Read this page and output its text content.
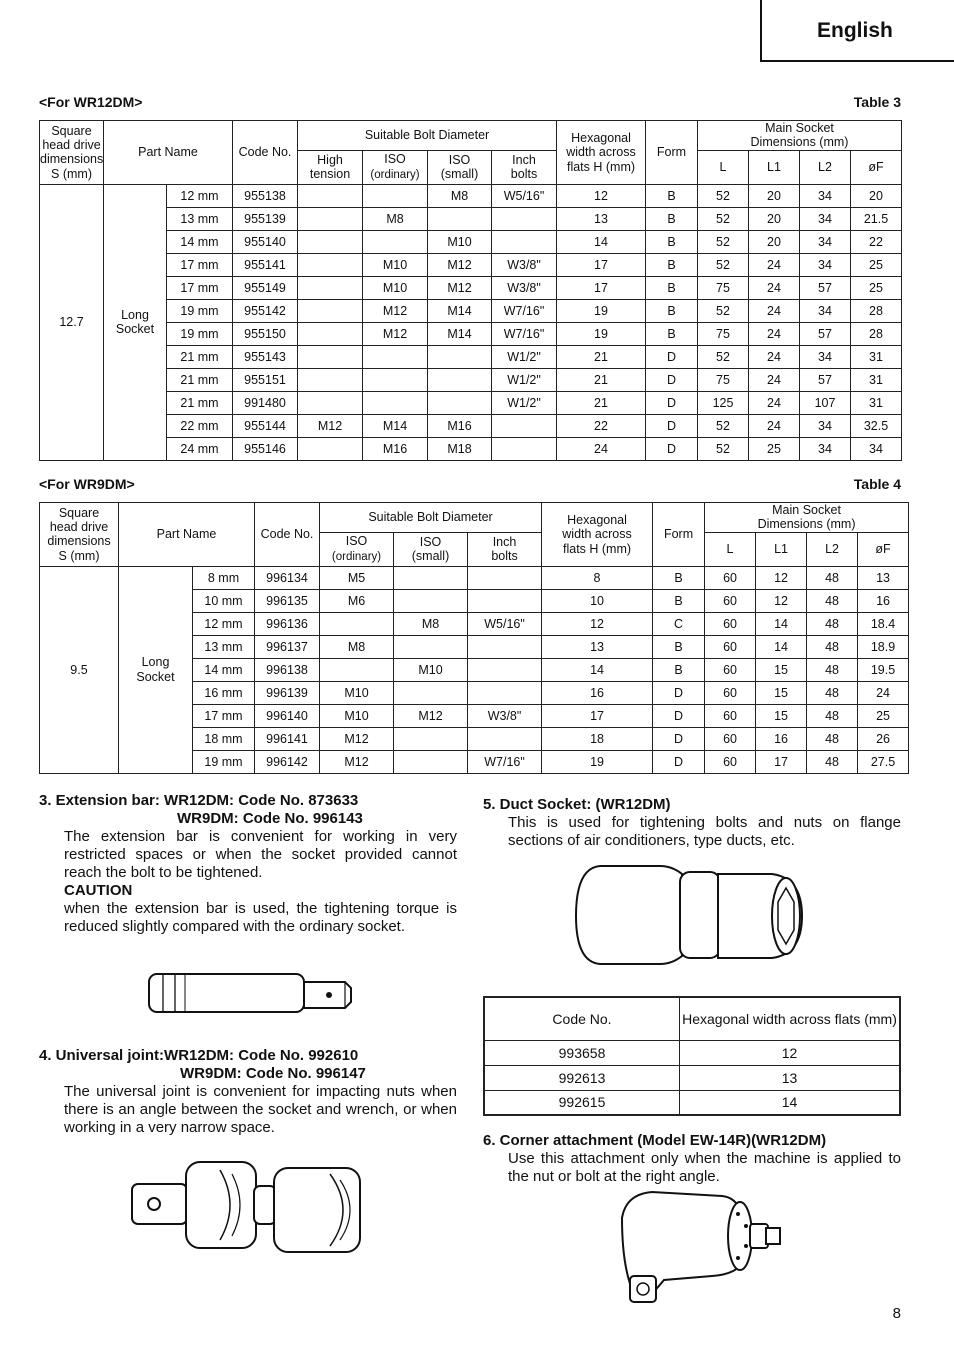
English
<For WR12DM>	Table 3
Square
head drive
dimensions
S (mm)	Part Name		Code No.	Suitable Bolt Diameter				Hexagonal
width across
flats H (mm)	Form	Main Socket
Dimensions (mm)			
				High
tension	ISO
(ordinary)	ISO
(small)	Inch
bolts			L	L1	L2	øF
12.7	Long
Socket	12 mm	955138			M8	W5/16"	12	B	52	20	34	20
		13 mm	955139		M8			13	B	52	20	34	21.5
		14 mm	955140			M10		14	B	52	20	34	22
		17 mm	955141		M10	M12	W3/8"	17	B	52	24	34	25
		17 mm	955149		M10	M12	W3/8"	17	B	75	24	57	25
		19 mm	955142		M12	M14	W7/16"	19	B	52	24	34	28
		19 mm	955150		M12	M14	W7/16"	19	B	75	24	57	28
		21 mm	955143				W1/2"	21	D	52	24	34	31
		21 mm	955151				W1/2"	21	D	75	24	57	31
		21 mm	991480				W1/2"	21	D	125	24	107	31
		22 mm	955144	M12	M14	M16		22	D	52	24	34	32.5
		24 mm	955146		M16	M18		24	D	52	25	34	34
<For WR9DM>	Table 4
Square
head drive
dimensions
S (mm)	Part Name		Code No.	Suitable Bolt Diameter			Hexagonal
width across
flats H (mm)	Form	Main Socket
Dimensions (mm)			
				ISO
(ordinary)	ISO
(small)	Inch
bolts			L	L1	L2	øF
9.5	Long
Socket	8 mm	996134	M5			8	B	60	12	48	13
		10 mm	996135	M6			10	B	60	12	48	16
		12 mm	996136		M8	W5/16"	12	C	60	14	48	18.4
		13 mm	996137	M8			13	B	60	14	48	18.9
		14 mm	996138		M10		14	B	60	15	48	19.5
		16 mm	996139	M10			16	D	60	15	48	24
		17 mm	996140	M10	M12	W3/8"	17	D	60	15	48	25
		18 mm	996141	M12			18	D	60	16	48	26
		19 mm	996142	M12		W7/16"	19	D	60	17	48	27.5
3. Extension bar: WR12DM: Code No. 873633
WR9DM: Code No. 996143

The extension bar is convenient for working in very restricted spaces or when the socket provided cannot reach the bolt to be tightened.

CAUTION

when the extension bar is used, the tightening torque is reduced slightly compared with the ordinary socket.

4. Universal joint:WR12DM: Code No. 992610
WR9DM: Code No. 996147

The universal joint is convenient for impacting nuts when there is an angle between the socket and wrench, or when working in a very narrow space.

5. Duct Socket: (WR12DM)

This is used for tightening bolts and nuts on flange sections of air conditioners, type ducts, etc.

Code No.	Hexagonal width across flats (mm)
993658	12
992613	13
992615	14
6. Corner attachment (Model EW-14R)(WR12DM)

Use this attachment only when the machine is applied to the nut or bolt at the right angle.

8
